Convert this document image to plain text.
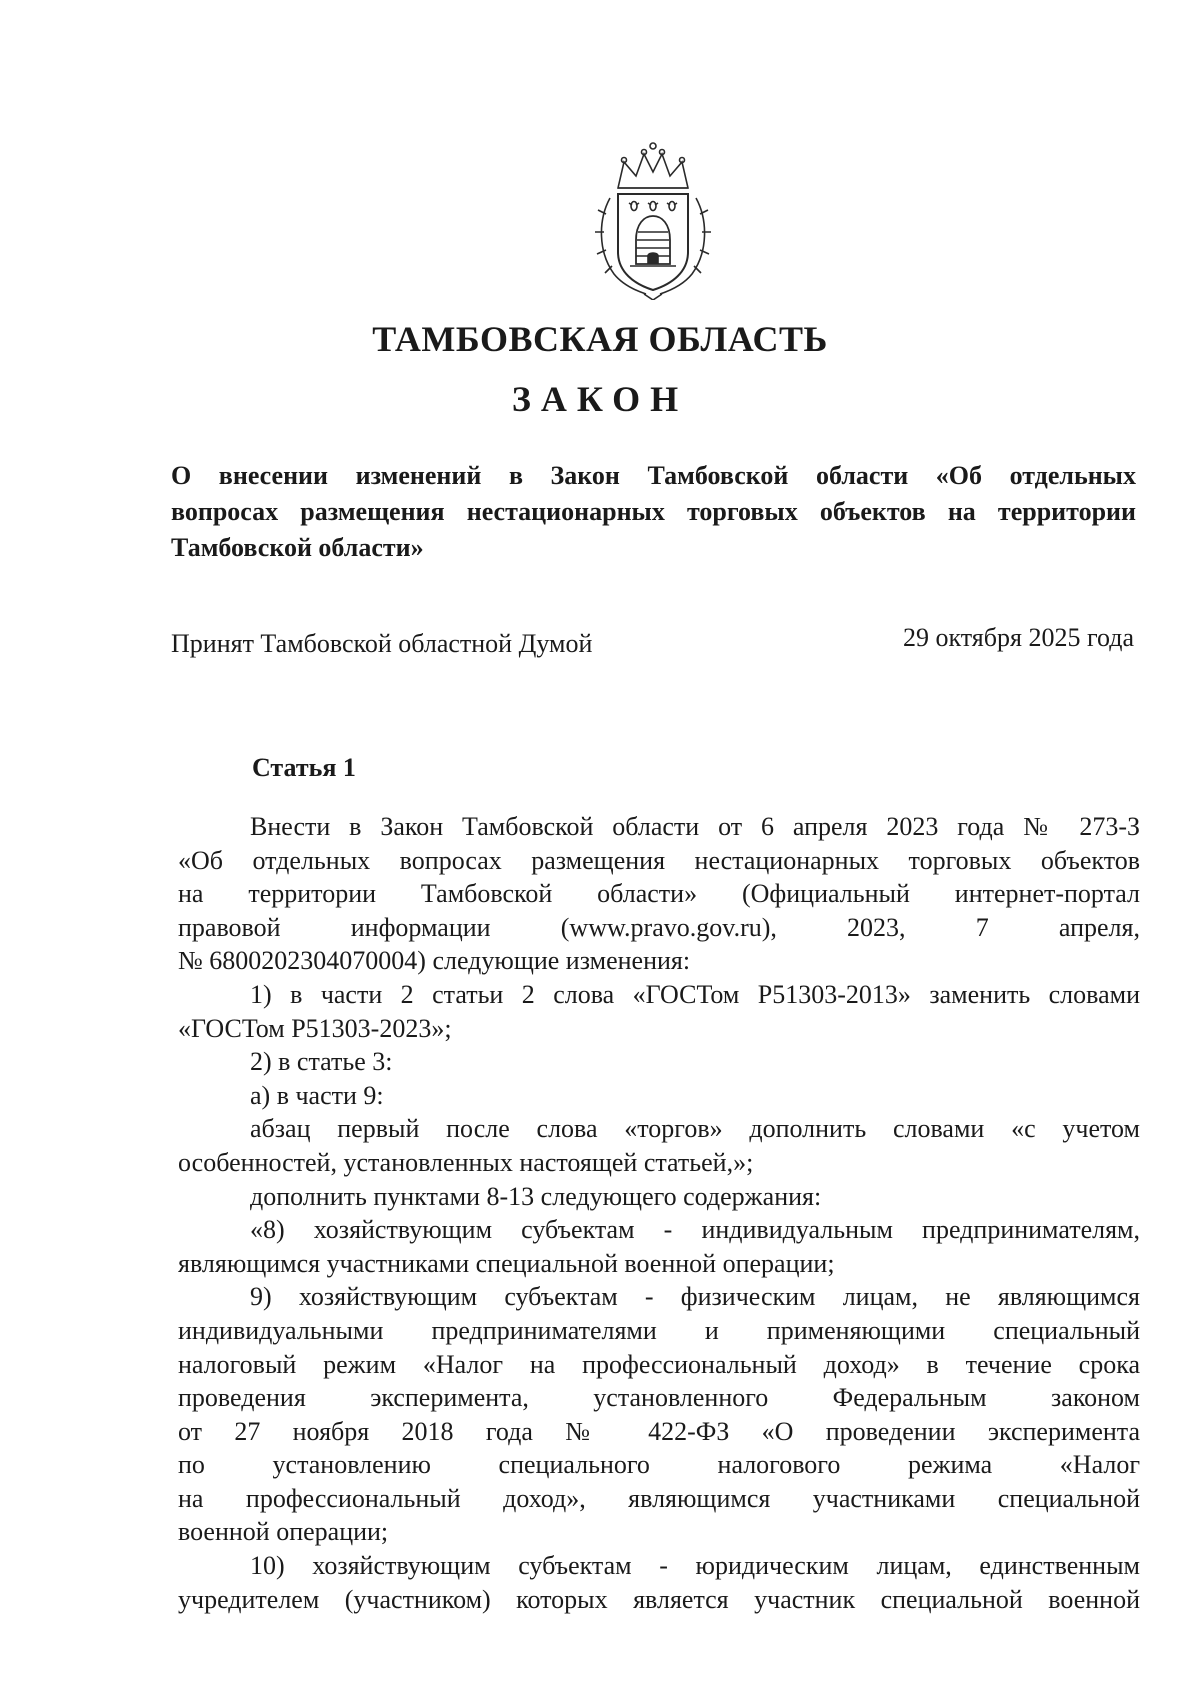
ТАМБОВСКАЯ ОБЛАСТЬ
ЗАКОН
О внесении изменений в Закон Тамбовской области «Об отдельных
вопросах размещения нестационарных торговых объектов на территории
Тамбовской области»
Принят Тамбовской областной Думой	29 октября 2025 года
Статья 1
Внести в Закон Тамбовской области от 6 апреля 2023 года № 273-З
«Об отдельных вопросах размещения нестационарных торговых объектов
на территории Тамбовской области» (Официальный интернет-портал
правовой информации (www.pravo.gov.ru), 2023, 7 апреля,
№ 6800202304070004) следующие изменения:
1) в части 2 статьи 2 слова «ГОСТом Р51303-2013» заменить словами
«ГОСТом Р51303-2023»;
2) в статье 3:
а) в части 9:
абзац первый после слова «торгов» дополнить словами «с учетом
особенностей, установленных настоящей статьей,»;
дополнить пунктами 8-13 следующего содержания:
«8) хозяйствующим субъектам - индивидуальным предпринимателям,
являющимся участниками специальной военной операции;
9) хозяйствующим субъектам - физическим лицам, не являющимся
индивидуальными предпринимателями и применяющими специальный
налоговый режим «Налог на профессиональный доход» в течение срока
проведения эксперимента, установленного Федеральным законом
от 27 ноября 2018 года № 422-ФЗ «О проведении эксперимента
по установлению специального налогового режима «Налог
на профессиональный доход», являющимся участниками специальной
военной операции;
10) хозяйствующим субъектам - юридическим лицам, единственным
учредителем (участником) которых является участник специальной военной
